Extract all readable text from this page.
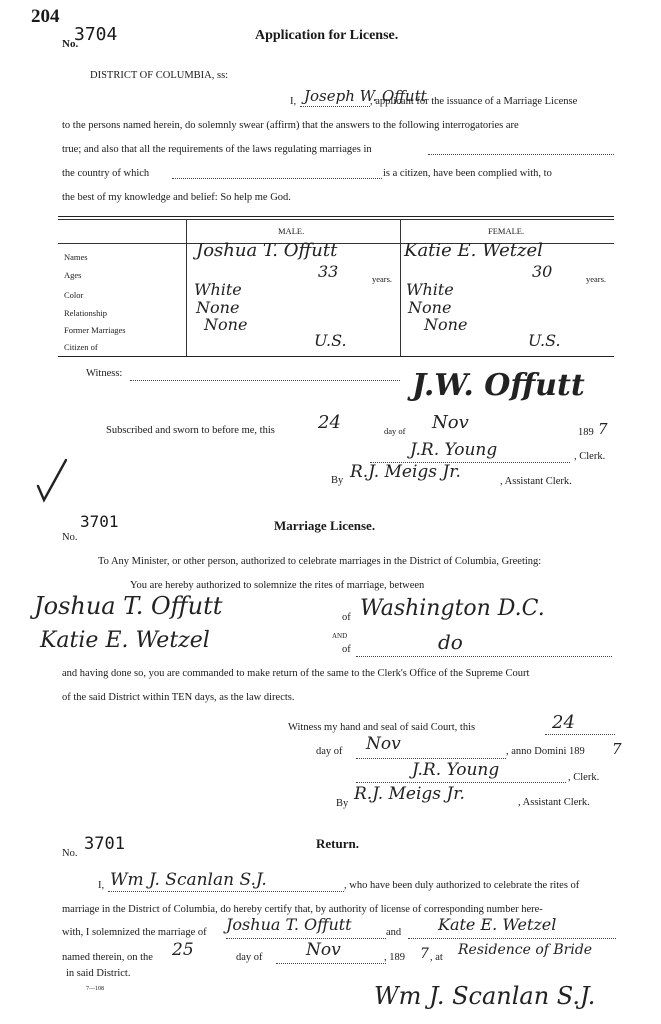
204
No.
3704	Application for License.
DISTRICT OF COLUMBIA, ss:
I, Joseph W. Offutt
, applicant for the issuance of a Marriage License
to the persons named herein, do solemnly swear (affirm) that the answers to the following interrogatories are
true; and also that all the requirements of the laws regulating marriages in
the country of which	is a citizen, have been complied with, to
the best of my knowledge and belief: So help me God.
MALE.	FEMALE.
Names	Joshua T. Offutt	Katie E. Wetzel
Ages	33	years.	30	years.
Color	White	White
Relationship	None	None
Former Marriages	None	None
Citizen of	U.S.	U.S.
Witness:	J.W. Offutt
Subscribed and sworn to before me, this 24	day of Nov	189 7
J.R. Young	, Clerk.
By R.J. Meigs Jr.	, Assistant Clerk.
No.
3701	Marriage License.
To Any Minister, or other person, authorized to celebrate marriages in the District of Columbia, Greeting:
You are hereby authorized to solemnize the rites of marriage, between
Joshua T. Offutt	of Washington D.C.
AND
Katie E. Wetzel	of	do
and having done so, you are commanded to make return of the same to the Clerk's Office of the Supreme Court
of the said District within TEN days, as the law directs.
Witness my hand and seal of said Court, this	24
day of Nov	, anno Domini 189 7
J.R. Young	, Clerk.
By R.J. Meigs Jr.	, Assistant Clerk.
No. 3701	Return.
I, Wm J. Scanlan S.J.	, who have been duly authorized to celebrate the rites of
marriage in the District of Columbia, do hereby certify that, by authority of license of corresponding number here-
with, I solemnized the marriage of Joshua T. Offutt	and Kate E. Wetzel
named therein, on the 25	day of	Nov	, 189 7 , at Residence of Bride
in said District.
7—108	Wm J. Scanlan S.J.
